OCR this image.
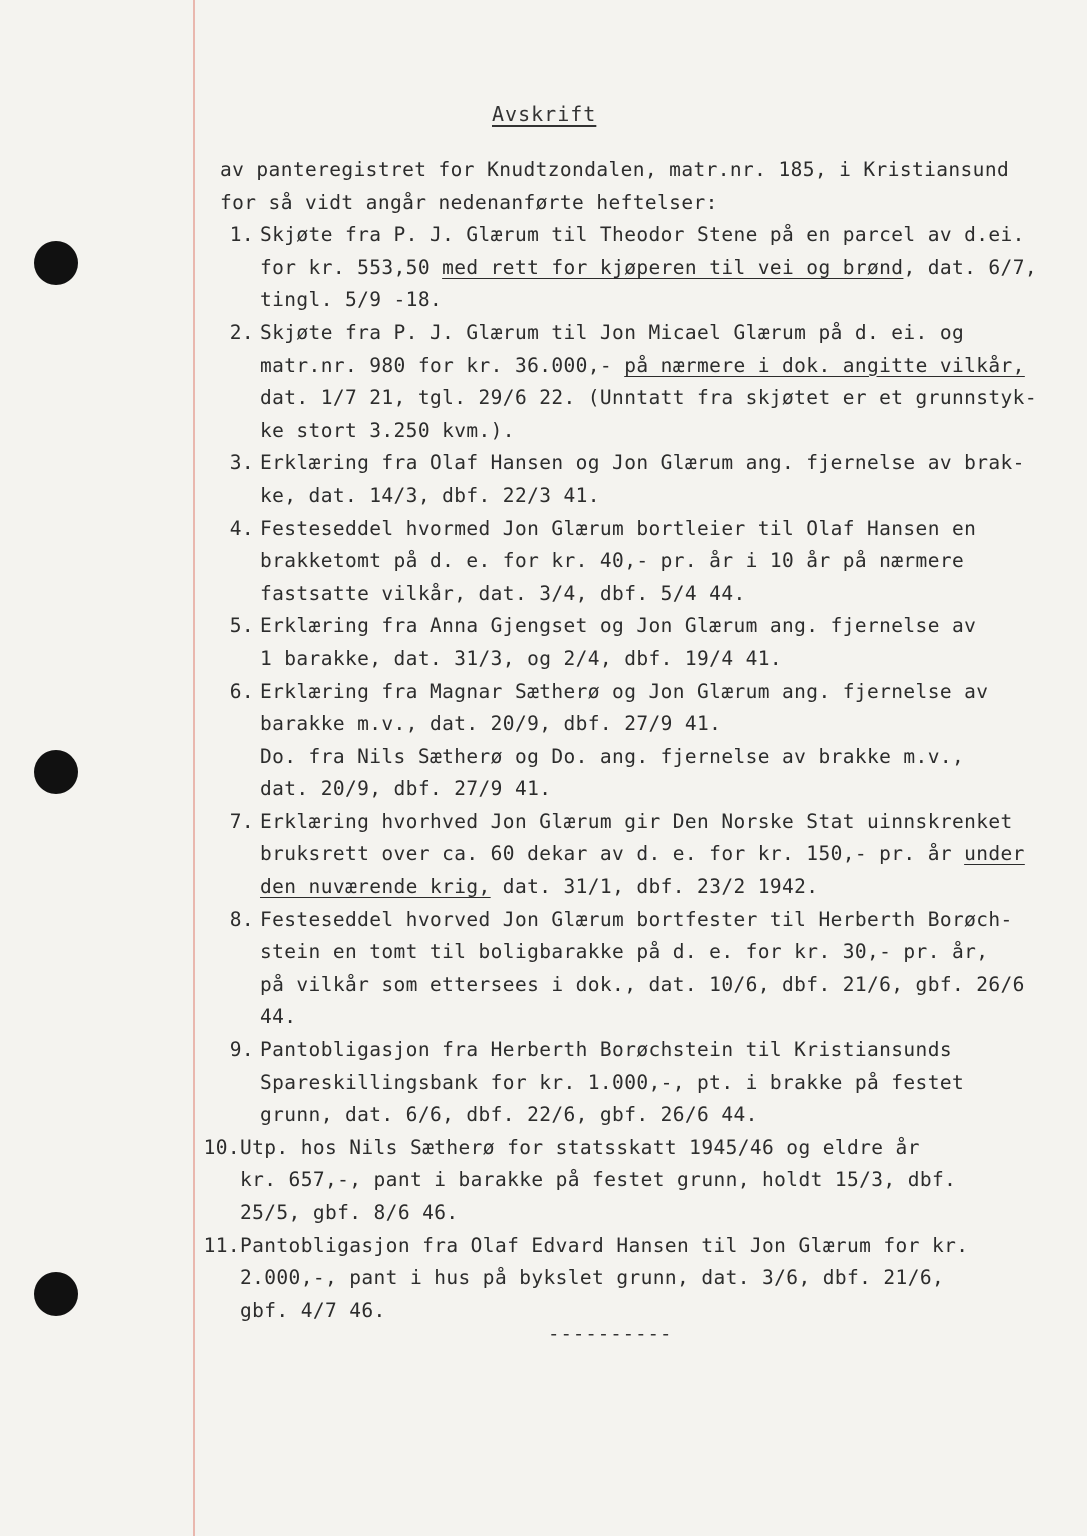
Avskrift
av panteregistret for Knudtzondalen, matr.nr. 185, i Kristiansund
for så vidt angår nedenanførte heftelser:
1. Skjøte fra P. J. Glærum til Theodor Stene på en parcel av d.ei.
for kr. 553,50 med rett for kjøperen til vei og brønd, dat. 6/7,
tingl. 5/9 -18.
2. Skjøte fra P. J. Glærum til Jon Micael Glærum på d. ei. og
matr.nr. 980 for kr. 36.000,- på nærmere i dok. angitte vilkår,
dat. 1/7 21, tgl. 29/6 22. (Unntatt fra skjøtet er et grunnstyk-
ke stort 3.250 kvm.).
3. Erklæring fra Olaf Hansen og Jon Glærum ang. fjernelse av brak-
ke, dat. 14/3, dbf. 22/3 41.
4. Festeseddel hvormed Jon Glærum bortleier til Olaf Hansen en
brakketomt på d. e. for kr. 40,- pr. år i 10 år på nærmere
fastsatte vilkår, dat. 3/4, dbf. 5/4 44.
5. Erklæring fra Anna Gjengset og Jon Glærum ang. fjernelse av
1 barakke, dat. 31/3, og 2/4, dbf. 19/4 41.
6. Erklæring fra Magnar Sætherø og Jon Glærum ang. fjernelse av
barakke m.v., dat. 20/9, dbf. 27/9 41.
Do. fra Nils Sætherø og Do. ang. fjernelse av brakke m.v.,
dat. 20/9, dbf. 27/9 41.
7. Erklæring hvorhved Jon Glærum gir Den Norske Stat uinnskrenket
bruksrett over ca. 60 dekar av d. e. for kr. 150,- pr. år under
den nuværende krig, dat. 31/1, dbf. 23/2 1942.
8. Festeseddel hvorved Jon Glærum bortfester til Herberth Borøch-
stein en tomt til boligbarakke på d. e. for kr. 30,- pr. år,
på vilkår som ettersees i dok., dat. 10/6, dbf. 21/6, gbf. 26/6
44.
9. Pantobligasjon fra Herberth Borøchstein til Kristiansunds
Spareskillingsbank for kr. 1.000,-, pt. i brakke på festet
grunn, dat. 6/6, dbf. 22/6, gbf. 26/6 44.
10. Utp. hos Nils Sætherø for statsskatt 1945/46 og eldre år
kr. 657,-, pant i barakke på festet grunn, holdt 15/3, dbf.
25/5, gbf. 8/6 46.
11. Pantobligasjon fra Olaf Edvard Hansen til Jon Glærum for kr.
2.000,-, pant i hus på bykslet grunn, dat. 3/6, dbf. 21/6,
gbf. 4/7 46.
----------
